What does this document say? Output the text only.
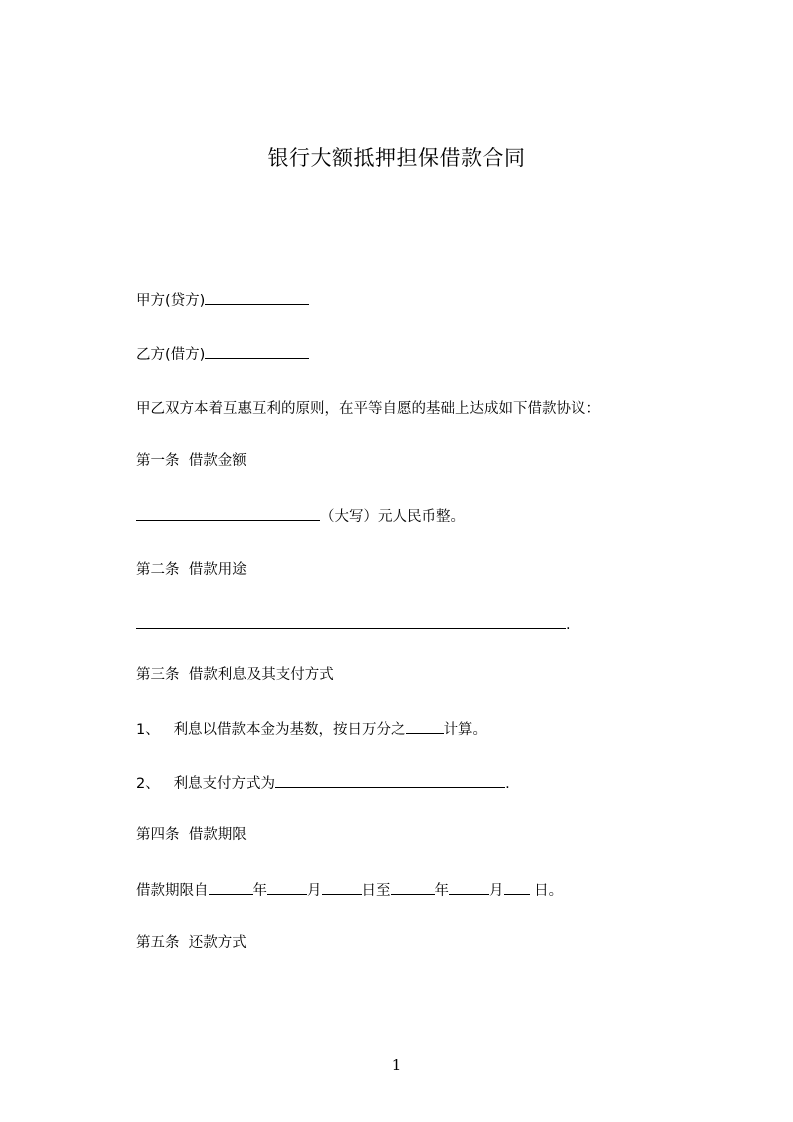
银行大额抵押担保借款合同
甲方(贷方)
乙方(借方)
甲乙双方本着互惠互利的原则，在平等自愿的基础上达成如下借款协议：
第一条  借款金额
（大写）元人民币整。
第二条  借款用途
.
第三条  借款利息及其支付方式
1、 利息以借款本金为基数，按日万分之	计算。
2、 利息支付方式为	.
第四条  借款期限
借款期限自	年	月	日至	年	月 日。
第五条  还款方式
1
